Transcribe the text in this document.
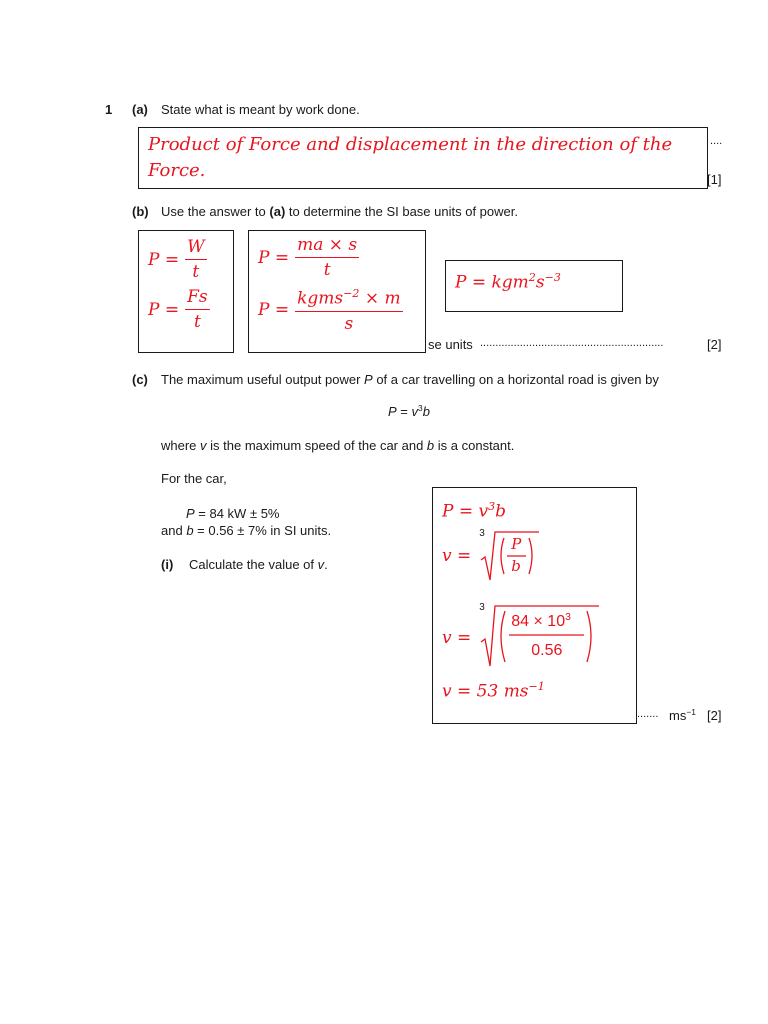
1 (a) State what is meant by work done.
Product of Force and displacement in the direction of the
Force.
....
[1]
(b) Use the answer to (a) to determine the SI base units of power.
$P = \frac{W}{t}$
$P = \frac{Fs}{t}$
$P = \frac{ma \times s}{t}$
$P = \frac{kgms^{-2} \times m}{s}$
$P = kgm^2s^{-3}$
se units ............................................................	[2]
(c) The maximum useful output power P of a car travelling on a horizontal road is given by
$P = v^3b$
where v is the maximum speed of the car and b is a constant.
For the car,
P = 84 kW ± 5%
and b = 0.56 ± 7% in SI units.
(i) Calculate the value of v.
$P = v^3b$
v =
3
P
b
v =
3
$84 \times 10^3$
0.56
v = 53 $ms^{-1}$
....... $ms^{-1}$ [2]
